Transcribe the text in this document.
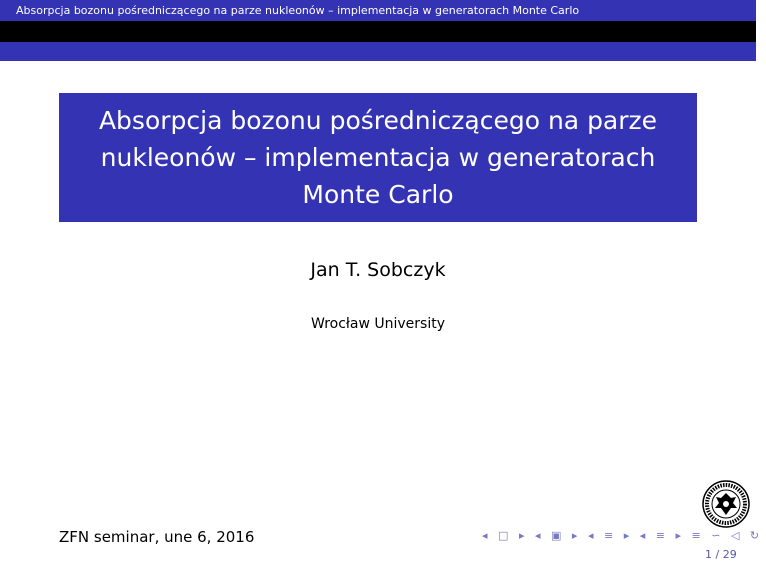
Absorpcja bozonu pośredniczącego na parze nukleonów – implementacja w generatorach Monte Carlo
Absorpcja bozonu pośredniczącego na parze nukleonów – implementacja w generatorach Monte Carlo
Jan T. Sobczyk
Wrocław University
ZFN seminar, une 6, 2016	◂ □ ▸ ◂ ▣ ▸ ◂ ≡ ▸ ◂ ≡ ▸ ≡ ∽ ◁ ↻
1 / 29
